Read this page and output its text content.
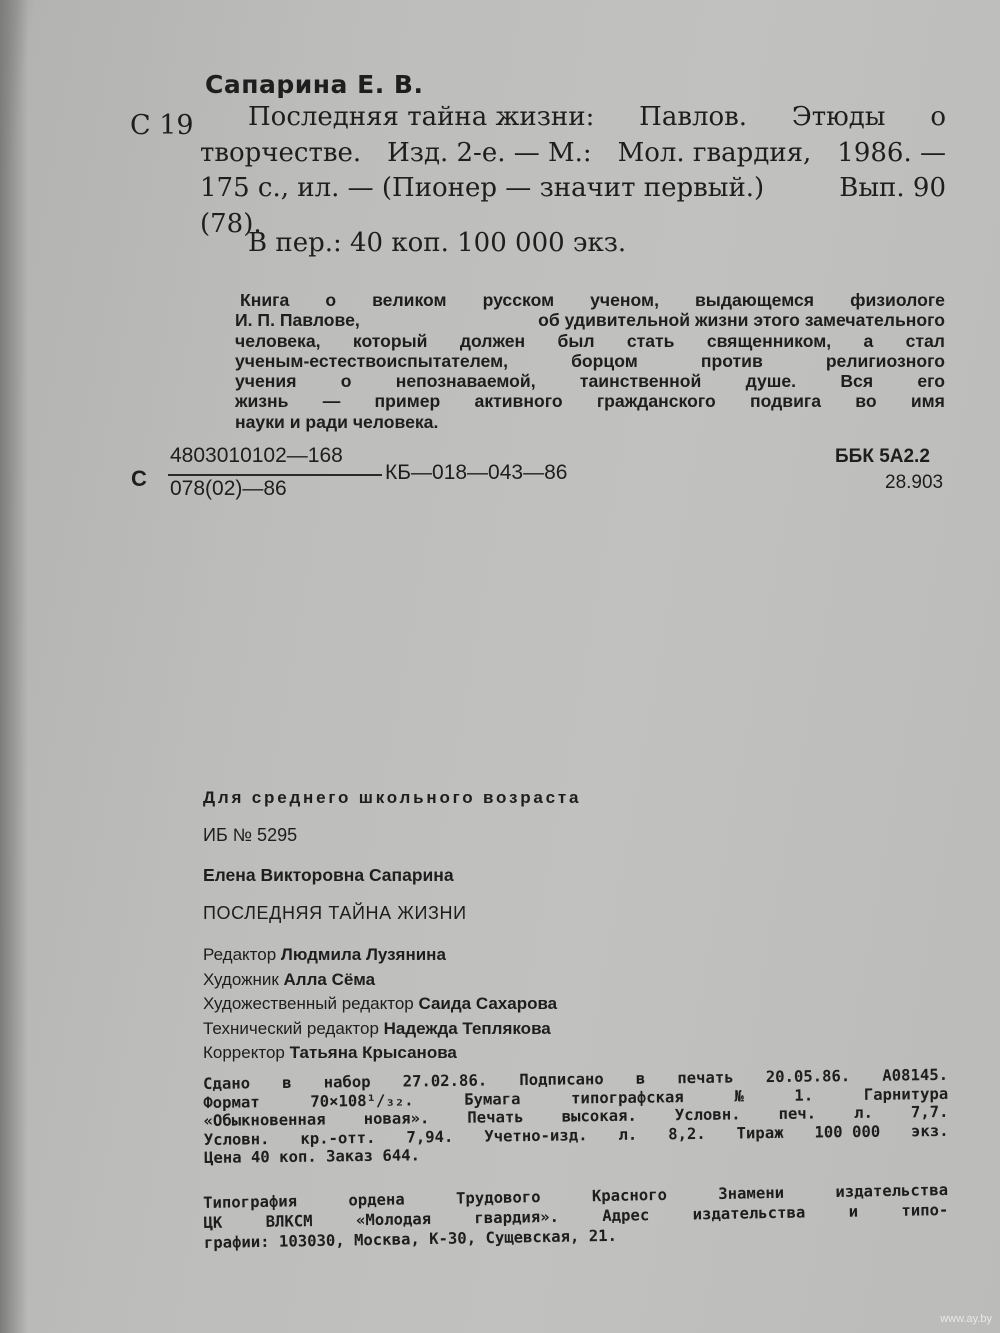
Сапарина Е. В.
С 19 Последняя тайна жизни: Павлов. Этюды о
творчестве. Изд. 2-е. — М.: Мол. гвардия, 1986. —
175 с., ил. — (Пионер — значит первый.)	Вып. 90
(78).
В пер.: 40 коп. 100 000 экз.
Книга о великом русском ученом, выдающемся физиологе
И. П. Павлове,	об удивительной жизни этого замечательного
человека, который должен был стать священником, а стал
ученым-естествоиспытателем,	борцом	против	религиозного
учения	о	непознаваемой,	таинственной	душе.	Вся	его
жизнь — пример активного гражданского подвига во имя
науки и ради человека.
С
4803010102—168
078(02)—86
КБ—018—043—86
ББК 5А2.2
28.903
Для среднего школьного возраста
ИБ № 5295
Елена Викторовна Сапарина
ПОСЛЕДНЯЯ ТАЙНА ЖИЗНИ
Редактор Людмила Лузянина
Художник Алла Сёма
Художественный редактор Саида Сахарова
Технический редактор Надежда Теплякова
Корректор Татьяна Крысанова
Сдано в набор 27.02.86. Подписано в печать 20.05.86. А08145.
Формат	70×108¹/₃₂.	Бумага	типографская	№	1.	Гарнитура
«Обыкновенная новая». Печать высокая. Условн. печ. л. 7,7.
Условн. кр.-отт. 7,94. Учетно-изд. л. 8,2. Тираж 100 000 экз.
Цена 40 коп. Заказ 644.
Типография	ордена	Трудового	Красного	Знамени	издательства
ЦК	ВЛКСМ	«Молодая	гвардия».	Адрес	издательства	и	типо-
графии: 103030, Москва, К-30, Сущевская, 21.
www.ay.by
